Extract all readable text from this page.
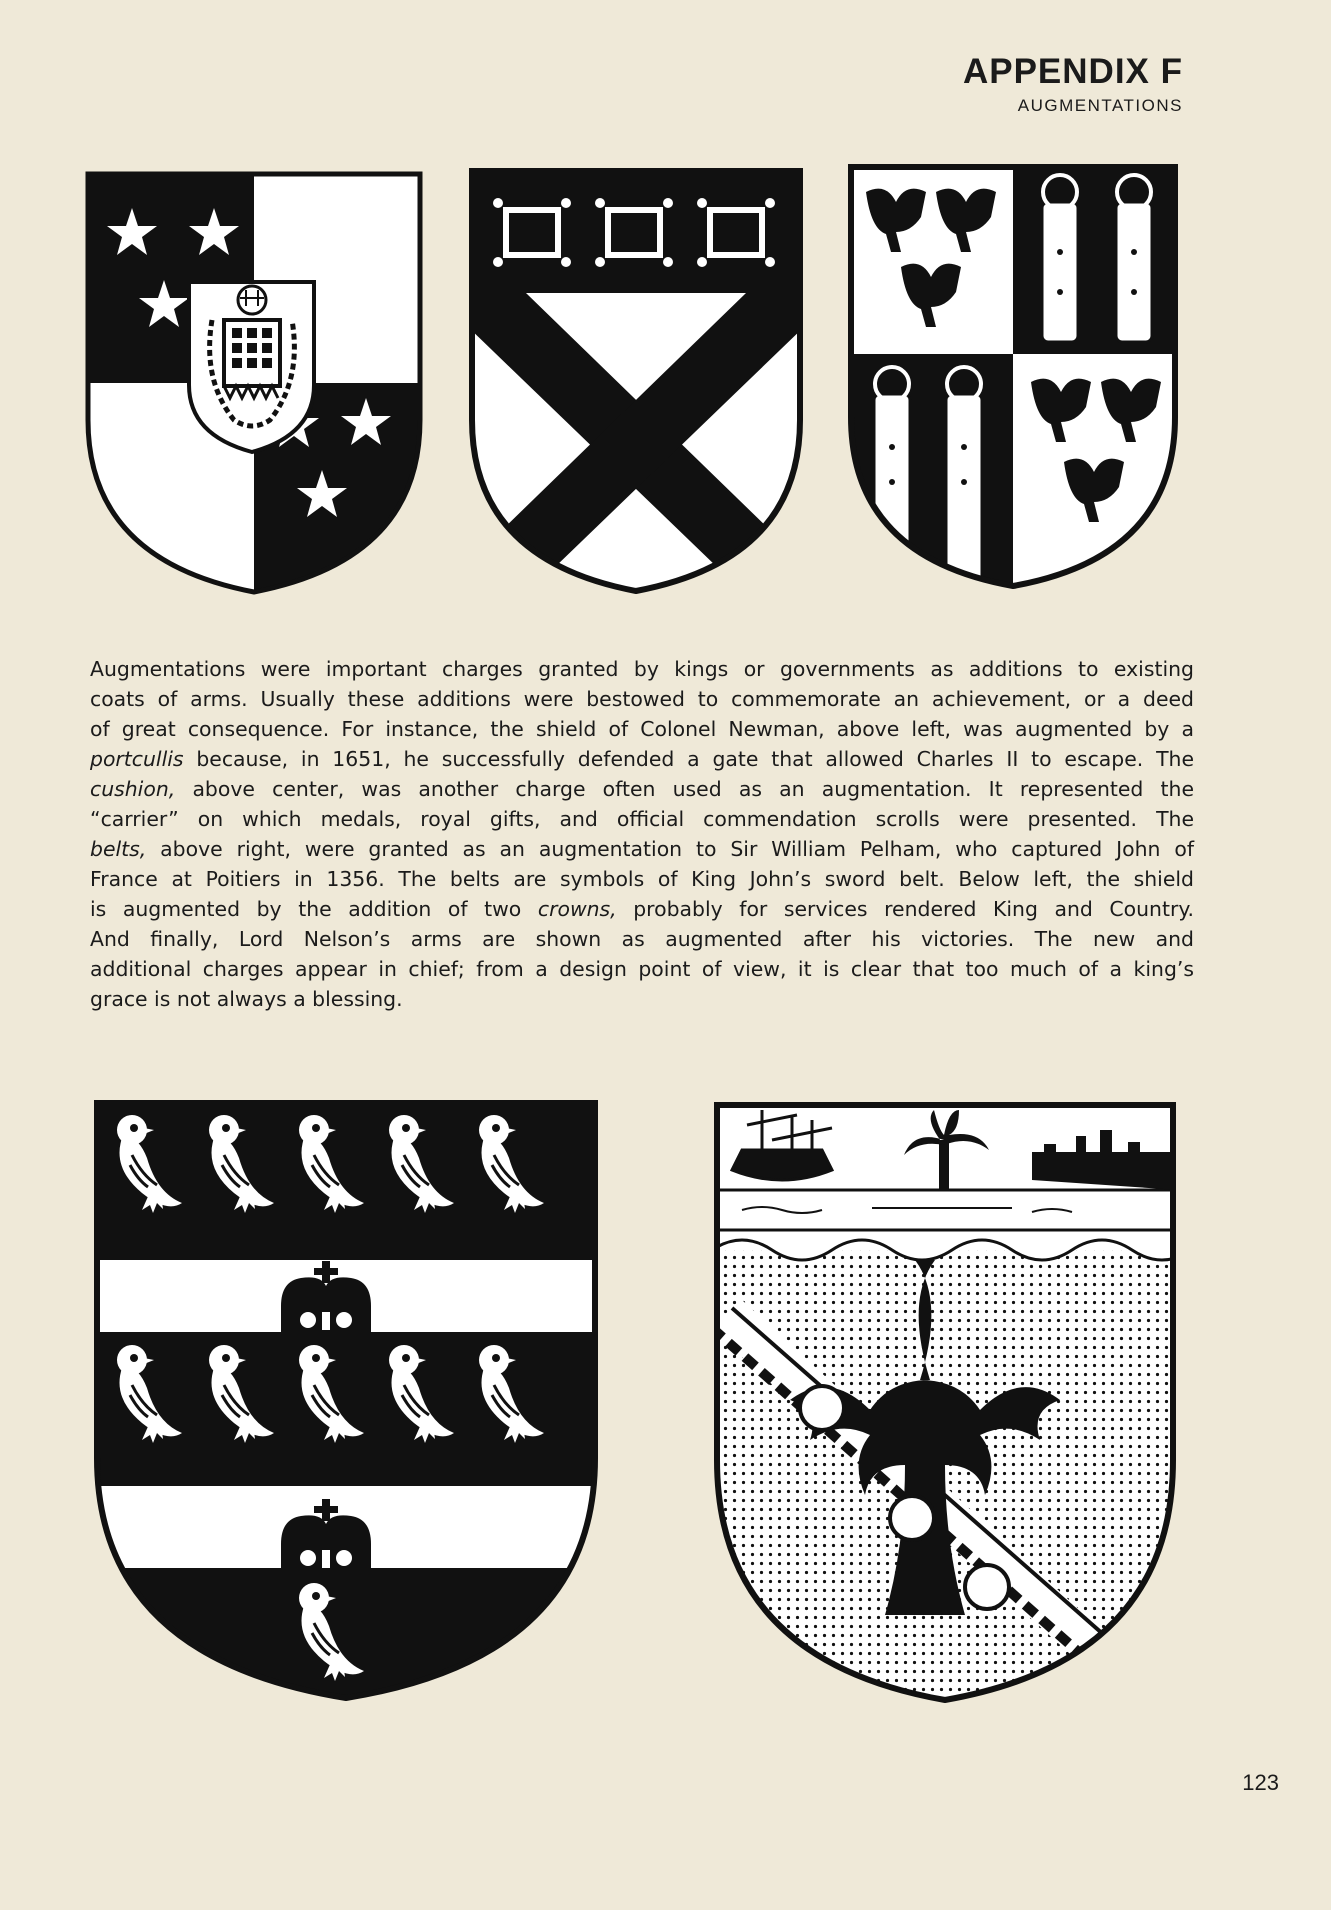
APPENDIX F
AUGMENTATIONS
Augmentations were important charges granted by kings or governments as additions to existing
coats of arms. Usually these additions were bestowed to commemorate an achievement, or a deed
of great consequence. For instance, the shield of Colonel Newman, above left, was augmented by a
portcullis because, in 1651, he successfully defended a gate that allowed Charles II to escape. The
cushion, above center, was another charge often used as an augmentation. It represented the
“carrier” on which medals, royal gifts, and official commendation scrolls were presented. The
belts, above right, were granted as an augmentation to Sir William Pelham, who captured John of
France at Poitiers in 1356. The belts are symbols of King John’s sword belt. Below left, the shield
is augmented by the addition of two crowns, probably for services rendered King and Country.
And finally, Lord Nelson’s arms are shown as augmented after his victories. The new and
additional charges appear in chief; from a design point of view, it is clear that too much of a king’s
grace is not always a blessing.
123
